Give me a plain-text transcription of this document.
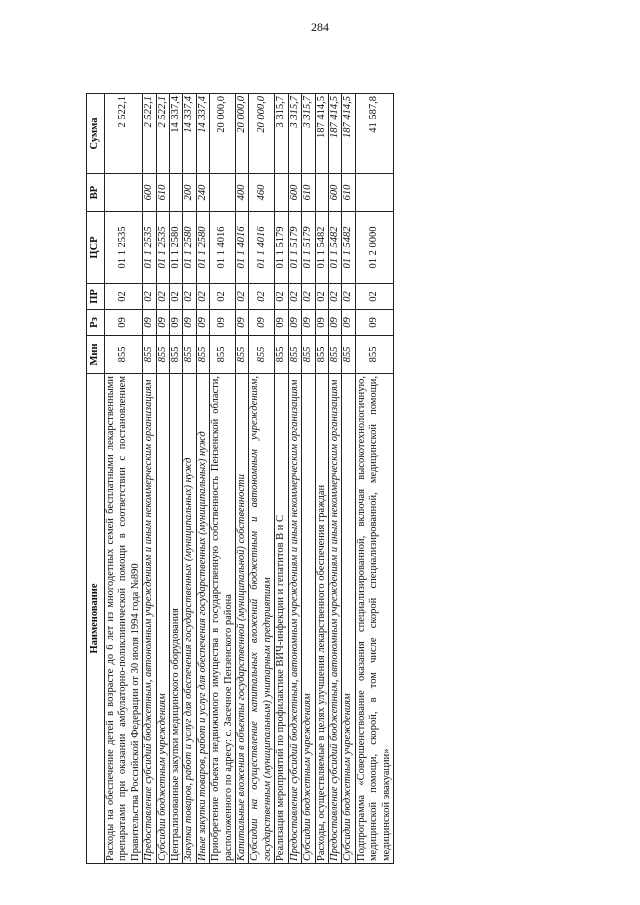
284
Наименование	Мин	Рз	ПР	ЦСР	ВР	Сумма
Расходы на обеспечение детей в возрасте до 6 лет из многодетных семей бесплатными лекарственными препаратами при оказании амбулаторно-поликлинической помощи в соответствии с постановлением Правительства Российской Федерации от 30 июля 1994 года №890	855	09	02	01 1 2535		2 522,1
Предоставление субсидий бюджетным, автономным учреждениям и иным некоммерческим организациям	855	09	02	01 1 2535	600	2 522,1
Субсидии бюджетным учреждениям	855	09	02	01 1 2535	610	2 522,1
Централизованные закупки медицинского оборудования	855	09	02	01 1 2580		14 337,4
Закупка товаров, работ и услуг для обеспечения государственных (муниципальных) нужд	855	09	02	01 1 2580	200	14 337,4
Иные закупки товаров, работ и услуг для обеспечения государственных (муниципальных) нужд	855	09	02	01 1 2580	240	14 337,4
Приобретение объекта недвижимого имущества в государственную собственность Пензенской области, расположенного по адресу: с. Засечное Пензенского района	855	09	02	01 1 4016		20 000,0
Капитальные вложения в объекты государственной (муниципальной) собственности	855	09	02	01 1 4016	400	20 000,0
Субсидии на осуществление капитальных вложений бюджетным и автономным учреждениям, государственным (муниципальным) унитарным предприятиям	855	09	02	01 1 4016	460	20 000,0
Реализация мероприятий по профилактике ВИЧ-инфекции и гепатитов B и C	855	09	02	01 1 5179		3 315,7
Предоставление субсидий бюджетным, автономным учреждениям и иным некоммерческим организациям	855	09	02	01 1 5179	600	3 315,7
Субсидии бюджетным учреждениям	855	09	02	01 1 5179	610	3 315,7
Расходы, осуществляемые в целях улучшения лекарственного обеспечения граждан	855	09	02	01 1 5482		187 414,5
Предоставление субсидий бюджетным, автономным учреждениям и иным некоммерческим организациям	855	09	02	01 1 5482	600	187 414,5
Субсидии бюджетным учреждениям	855	09	02	01 1 5482	610	187 414,5
Подпрограмма «Совершенствование оказания специализированной, включая высокотехнологичную, медицинской помощи, скорой, в том числе скорой специализированной, медицинской помощи, медицинской эвакуации»	855	09	02	01 2 0000		41 587,8
